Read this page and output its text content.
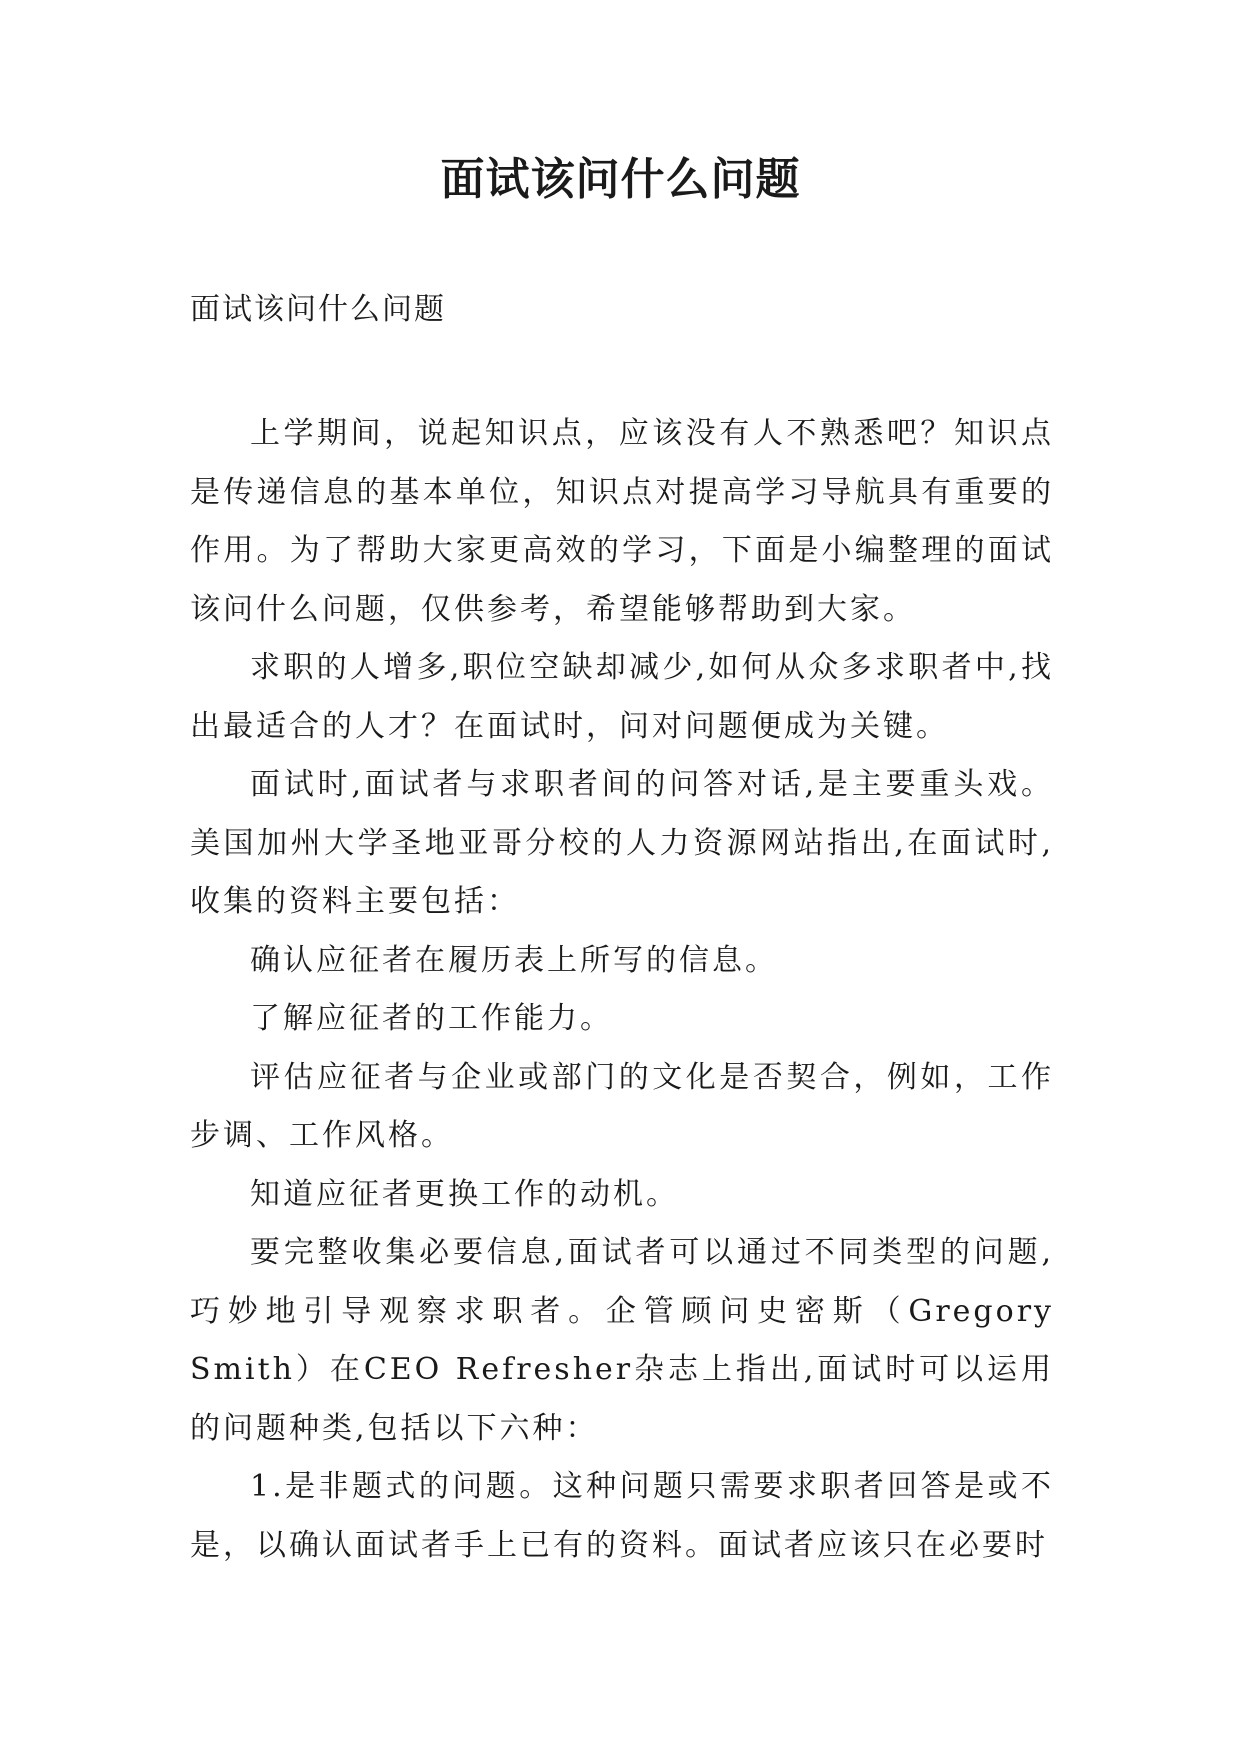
面试该问什么问题

面试该问什么问题

上学期间，说起知识点，应该没有人不熟悉吧？知识点是传递信息的基本单位，知识点对提高学习导航具有重要的作用。为了帮助大家更高效的学习，下面是小编整理的面试该问什么问题，仅供参考，希望能够帮助到大家。

求职的人增多,职位空缺却减少,如何从众多求职者中,找出最适合的人才？在面试时，问对问题便成为关键。

面试时,面试者与求职者间的问答对话,是主要重头戏。美国加州大学圣地亚哥分校的人力资源网站指出,在面试时,收集的资料主要包括：

确认应征者在履历表上所写的信息。

了解应征者的工作能力。

评估应征者与企业或部门的文化是否契合，例如，工作步调、工作风格。

知道应征者更换工作的动机。

要完整收集必要信息,面试者可以通过不同类型的问题,巧妙地引导观察求职者。企管顾问史密斯（Gregory Smith）在CEO Refresher杂志上指出,面试时可以运用的问题种类,包括以下六种：

1.是非题式的问题。这种问题只需要求职者回答是或不是，以确认面试者手上已有的资料。面试者应该只在必要时
